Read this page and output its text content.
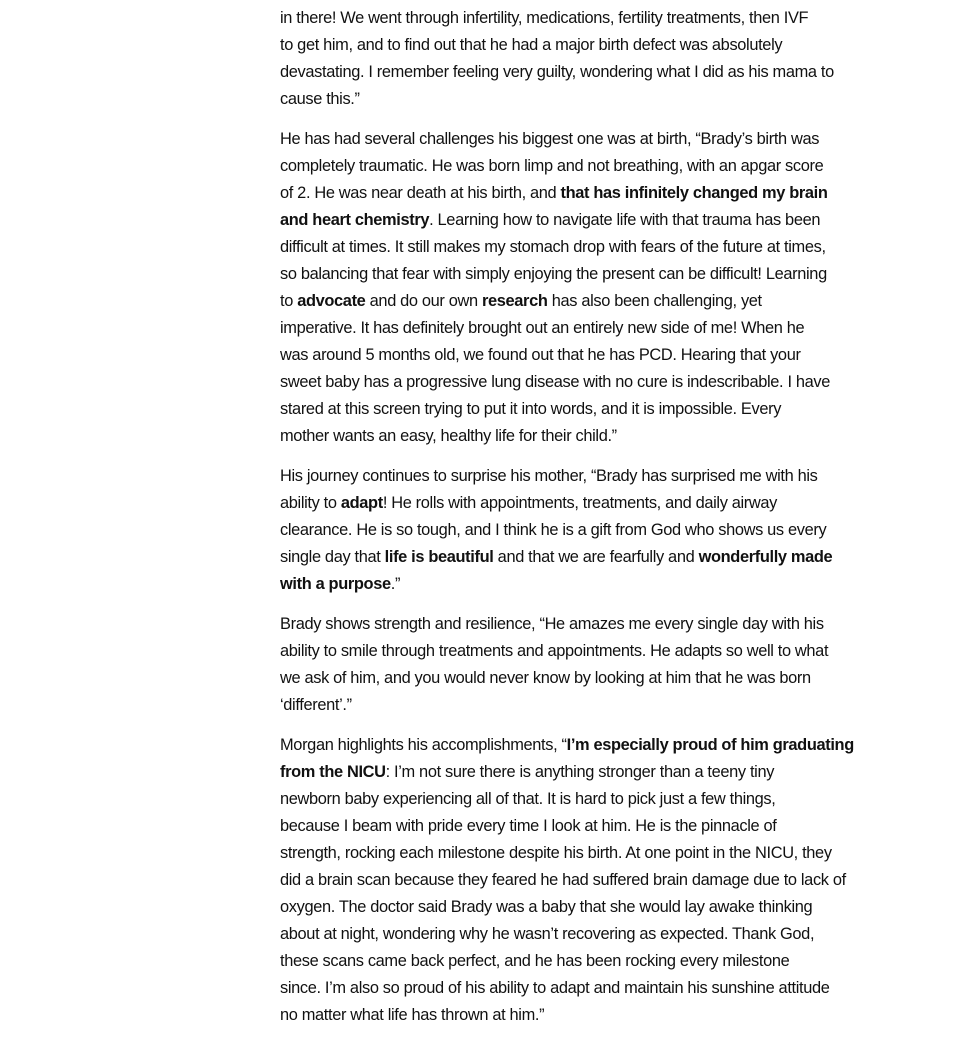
in there! We went through infertility, medications, fertility treatments, then IVF
to get him, and to find out that he had a major birth defect was absolutely
devastating. I remember feeling very guilty, wondering what I did as his mama to
cause this.”
He has had several challenges his biggest one was at birth, “Brady’s birth was
completely traumatic. He was born limp and not breathing, with an apgar score
of 2. He was near death at his birth, and that has infinitely changed my brain
and heart chemistry. Learning how to navigate life with that trauma has been
difficult at times. It still makes my stomach drop with fears of the future at times,
so balancing that fear with simply enjoying the present can be difficult! Learning
to advocate and do our own research has also been challenging, yet
imperative. It has definitely brought out an entirely new side of me! When he
was around 5 months old, we found out that he has PCD. Hearing that your
sweet baby has a progressive lung disease with no cure is indescribable. I have
stared at this screen trying to put it into words, and it is impossible. Every
mother wants an easy, healthy life for their child.”
His journey continues to surprise his mother, “Brady has surprised me with his
ability to adapt! He rolls with appointments, treatments, and daily airway
clearance. He is so tough, and I think he is a gift from God who shows us every
single day that life is beautiful and that we are fearfully and wonderfully made
with a purpose.”
Brady shows strength and resilience, “He amazes me every single day with his
ability to smile through treatments and appointments. He adapts so well to what
we ask of him, and you would never know by looking at him that he was born
‘different’.”
Morgan highlights his accomplishments, “I’m especially proud of him graduating
from the NICU: I’m not sure there is anything stronger than a teeny tiny
newborn baby experiencing all of that. It is hard to pick just a few things,
because I beam with pride every time I look at him. He is the pinnacle of
strength, rocking each milestone despite his birth. At one point in the NICU, they
did a brain scan because they feared he had suffered brain damage due to lack of
oxygen. The doctor said Brady was a baby that she would lay awake thinking
about at night, wondering why he wasn’t recovering as expected. Thank God,
these scans came back perfect, and he has been rocking every milestone
since. I’m also so proud of his ability to adapt and maintain his sunshine attitude
no matter what life has thrown at him.”
